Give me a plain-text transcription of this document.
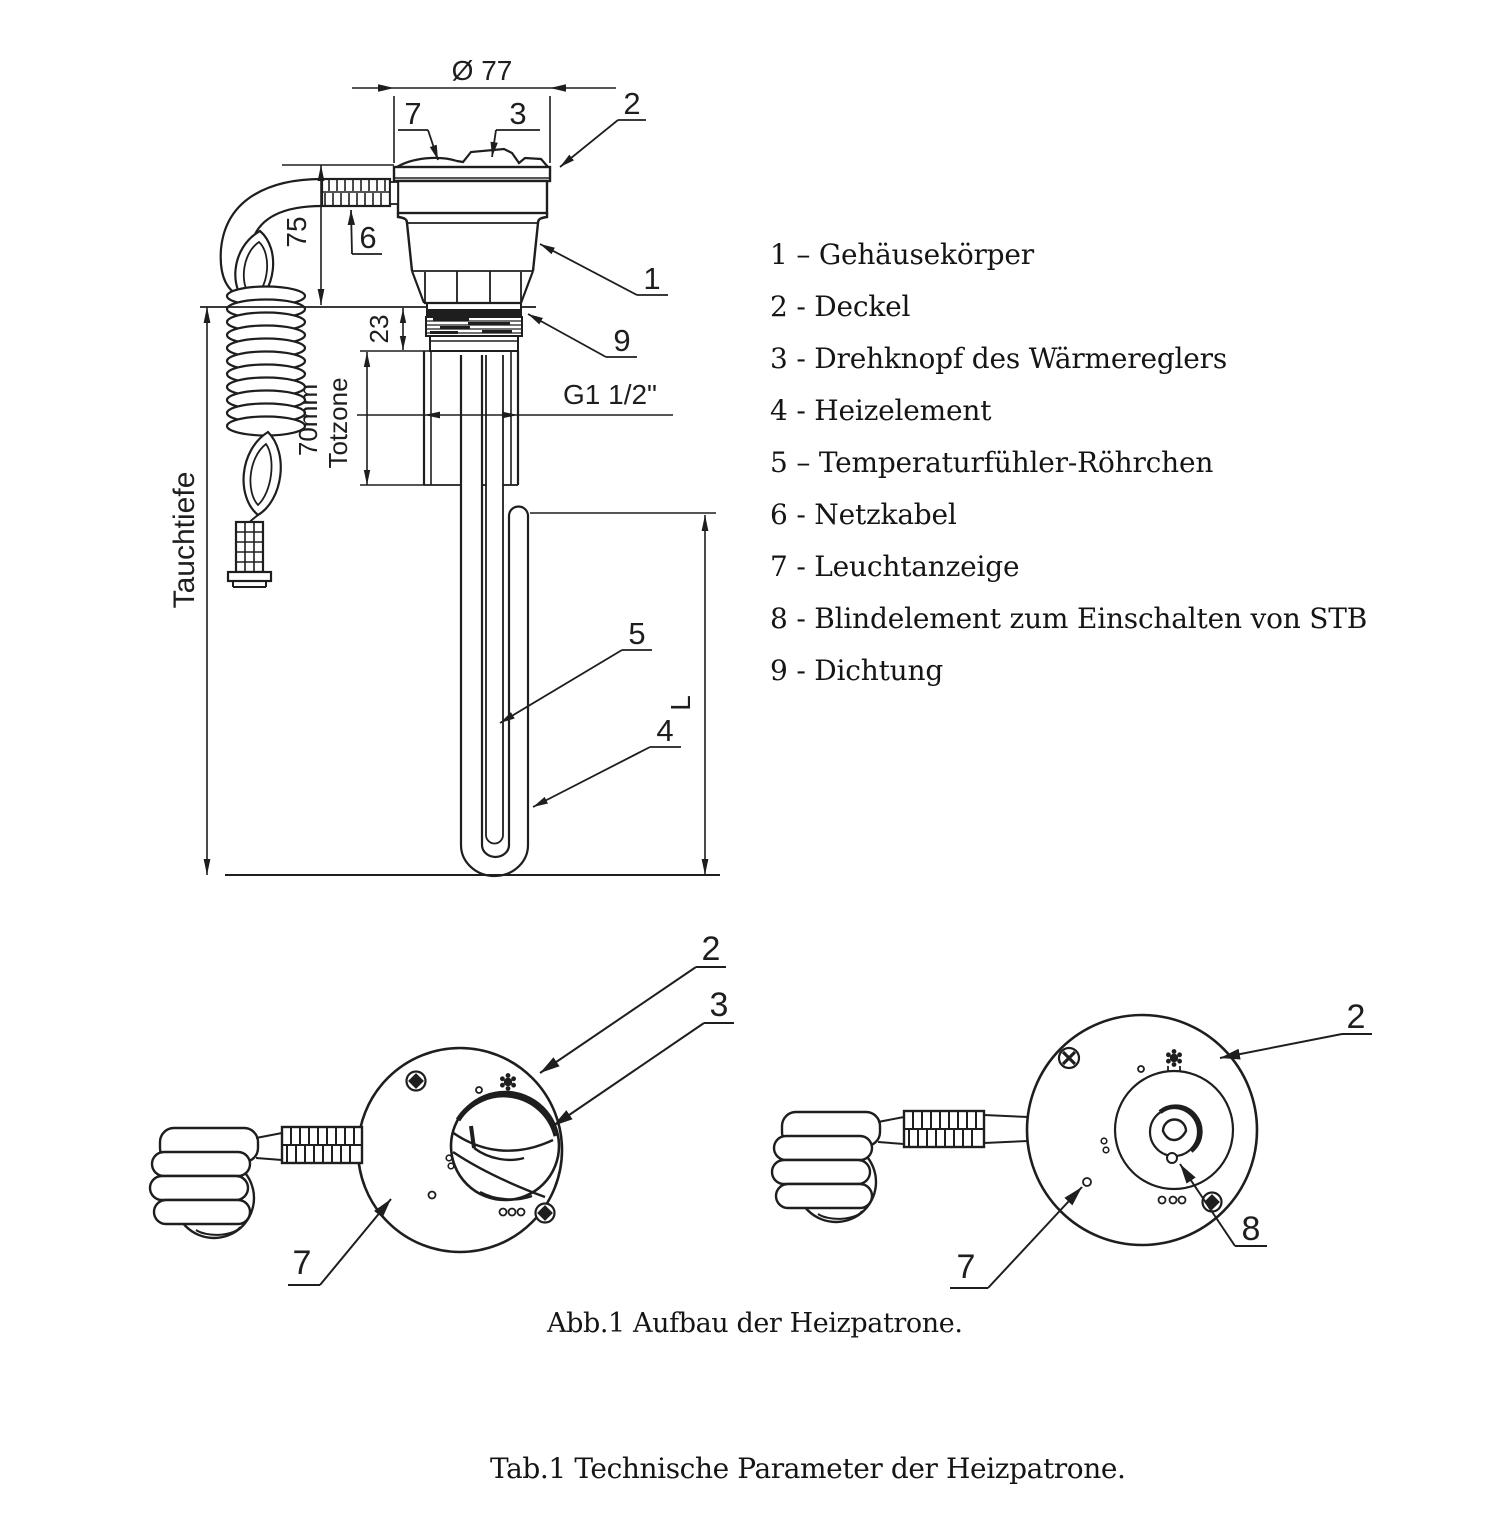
Ø 77
75
Tauchtiefe
23
70mm Totzone	G1 1/2"
L
7	3	2
1
9
6
5
4
2
3
7
2
7
8
1 – Gehäusekörper
2 - Deckel
3 - Drehknopf des Wärmereglers
4 - Heizelement
5 – Temperaturfühler-Röhrchen
6 - Netzkabel
7 - Leuchtanzeige
8 - Blindelement zum Einschalten von STB
9 - Dichtung
Abb.1 Aufbau der Heizpatrone.
Tab.1 Technische Parameter der Heizpatrone.
